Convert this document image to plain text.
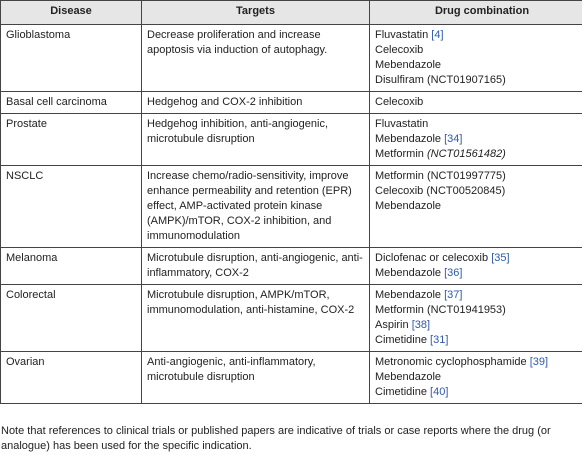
Disease	Targets	Drug combination
Glioblastoma	Decrease proliferation and increase apoptosis via induction of autophagy.	Fluvastatin [4]
Celecoxib
Mebendazole
Disulfiram (NCT01907165)

Basal cell carcinoma	Hedgehog and COX-2 inhibition	Celecoxib

Prostate	Hedgehog inhibition, anti-angiogenic, microtubule disruption	Fluvastatin
Mebendazole [34]
Metformin (NCT01561482)

NSCLC	Increase chemo/radio-sensitivity, improve enhance permeability and retention (EPR) effect, AMP-activated protein kinase (AMPK)/mTOR, COX-2 inhibition, and immunomodulation	Metformin (NCT01997775)
Celecoxib (NCT00520845)
Mebendazole

Melanoma	Microtubule disruption, anti-angiogenic, anti-inflammatory, COX-2	Diclofenac or celecoxib [35]
Mebendazole [36]

Colorectal	Microtubule disruption, AMPK/mTOR, immunomodulation, anti-histamine, COX-2	Mebendazole [37]
Metformin (NCT01941953)
Aspirin [38]
Cimetidine [31]

Ovarian	Anti-angiogenic, anti-inflammatory, microtubule disruption	Metronomic cyclophosphamide [39]
Mebendazole
Cimetidine [40]
Note that references to clinical trials or published papers are indicative of trials or case reports where the drug (or analogue) has been used for the specific indication.
